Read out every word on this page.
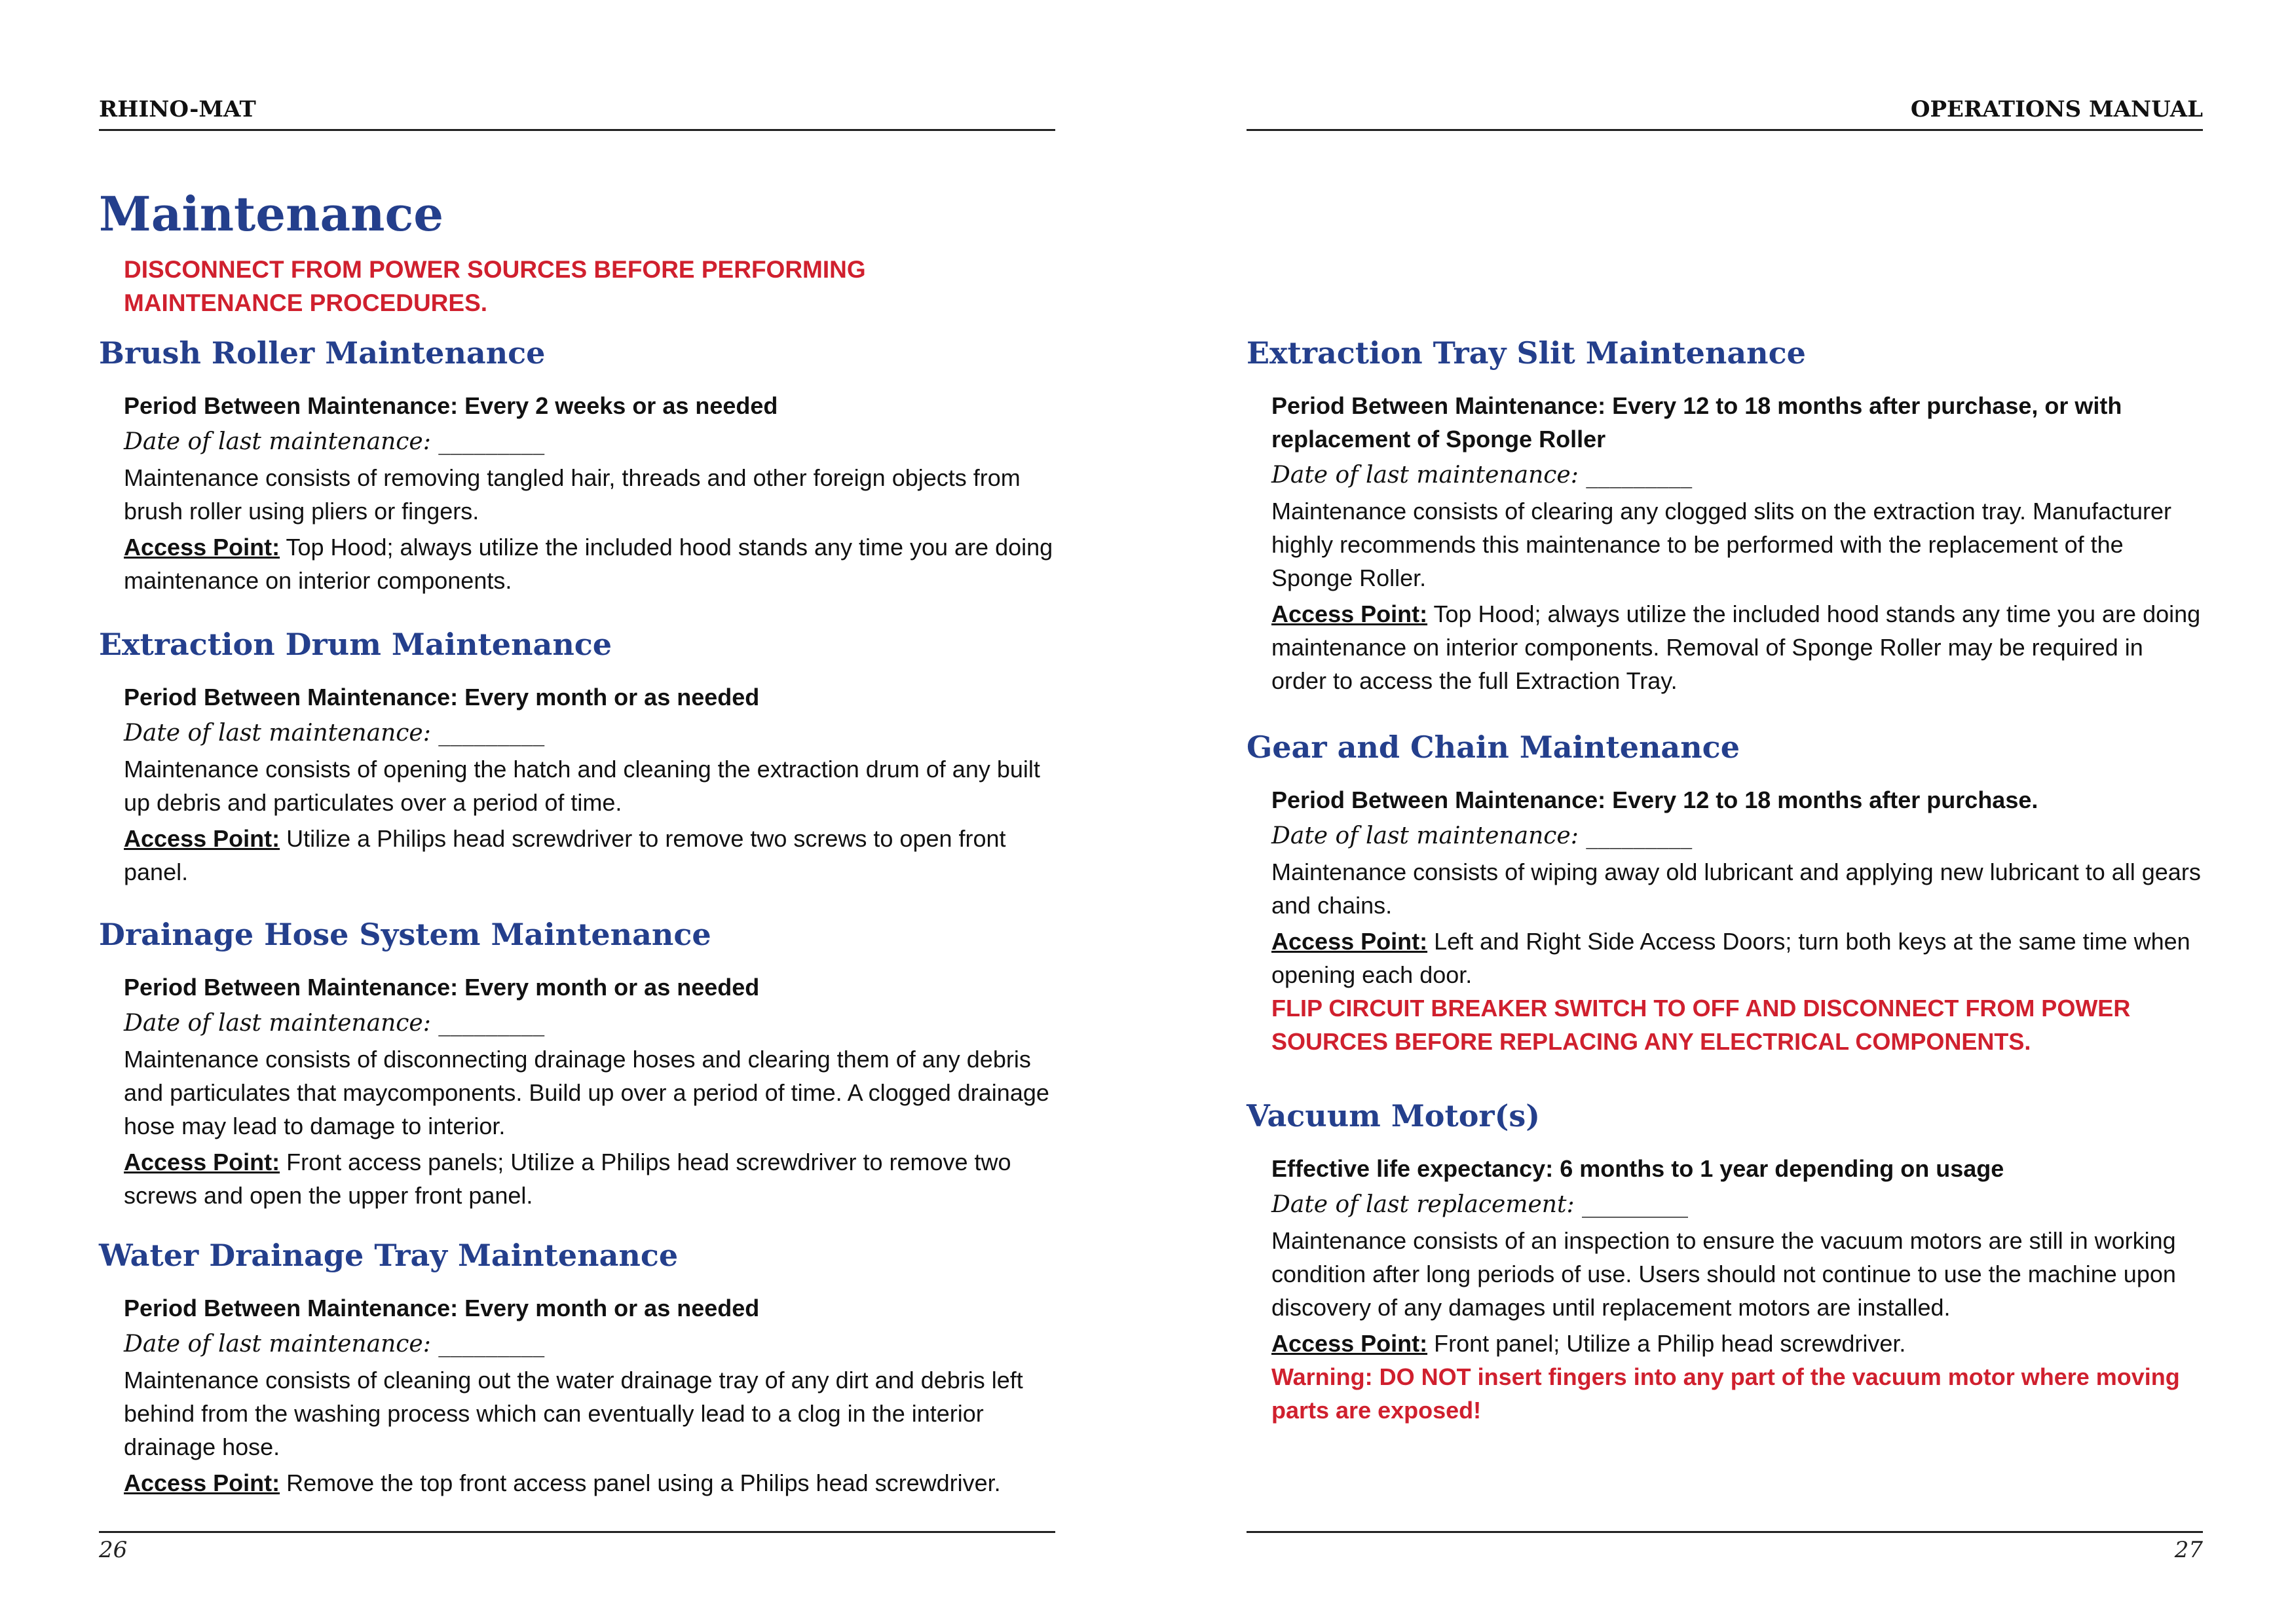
RHINO-MAT
Maintenance
DISCONNECT FROM POWER SOURCES BEFORE PERFORMING
MAINTENANCE PROCEDURES.
Brush Roller Maintenance
Period Between Maintenance: Every 2 weeks or as needed
Date of last maintenance: _________
Maintenance consists of removing tangled hair, threads and other foreign objects from brush roller using pliers or fingers.
Access Point: Top Hood; always utilize the included hood stands any time you are doing maintenance on interior components.
Extraction Drum Maintenance
Period Between Maintenance: Every month or as needed
Date of last maintenance: _________
Maintenance consists of opening the hatch and cleaning the extraction drum of any built up debris and particulates over a period of time.
Access Point: Utilize a Philips head screwdriver to remove two screws to open front panel.
Drainage Hose System Maintenance
Period Between Maintenance: Every month or as needed
Date of last maintenance: _________
Maintenance consists of disconnecting drainage hoses and clearing them of any debris and particulates that maycomponents. Build up over a period of time. A clogged drainage hose may lead to damage to interior.
Access Point: Front access panels; Utilize a Philips head screwdriver to remove two screws and open the upper front panel.
Water Drainage Tray Maintenance
Period Between Maintenance: Every month or as needed
Date of last maintenance: _________
Maintenance consists of cleaning out the water drainage tray of any dirt and debris left behind from the washing process which can eventually lead to a clog in the interior drainage hose.
Access Point: Remove the top front access panel using a Philips head screwdriver.
26
OPERATIONS MANUAL
Extraction Tray Slit Maintenance
Period Between Maintenance: Every 12 to 18 months after purchase, or with replacement of Sponge Roller
Date of last maintenance: _________
Maintenance consists of clearing any clogged slits on the extraction tray. Manufacturer highly recommends this maintenance to be performed with the replacement of the Sponge Roller.
Access Point: Top Hood; always utilize the included hood stands any time you are doing maintenance on interior components. Removal of Sponge Roller may be required in order to access the full Extraction Tray.
Gear and Chain Maintenance
Period Between Maintenance: Every 12 to 18 months after purchase.
Date of last maintenance: _________
Maintenance consists of wiping away old lubricant and applying new lubricant to all gears and chains.
Access Point: Left and Right Side Access Doors; turn both keys at the same time when opening each door.
FLIP CIRCUIT BREAKER SWITCH TO OFF AND DISCONNECT FROM POWER SOURCES BEFORE REPLACING ANY ELECTRICAL COMPONENTS.
Vacuum Motor(s)
Effective life expectancy: 6 months to 1 year depending on usage
Date of last replacement: _________
Maintenance consists of an inspection to ensure the vacuum motors are still in working condition after long periods of use. Users should not continue to use the machine upon discovery of any damages until replacement motors are installed.
Access Point: Front panel; Utilize a Philip head screwdriver.
Warning: DO NOT insert fingers into any part of the vacuum motor where moving parts are exposed!
27
